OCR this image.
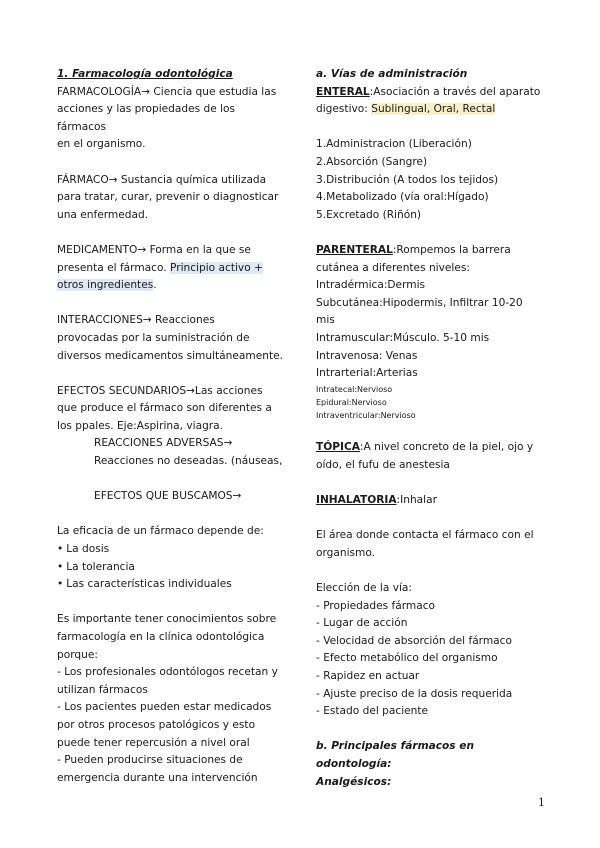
1. Farmacología odontológica

FARMACOLOGÍA→ Ciencia que estudia las

acciones y las propiedades de los fármacos

en el organismo.

FÁRMACO→ Sustancia química utilizada

para tratar, curar, prevenir o diagnosticar

una enfermedad.

MEDICAMENTO→ Forma en la que se

presenta el fármaco. Principio activo +

otros ingredientes.

INTERACCIONES→ Reacciones

provocadas por la suministración de

diversos medicamentos simultáneamente.

EFECTOS SECUNDARIOS→Las acciones

que produce el fármaco son diferentes a

los ppales. Eje:Aspirina, viagra.

REACCIONES ADVERSAS→

Reacciones no deseadas. (náuseas,

EFECTOS QUE BUSCAMOS→

La eficacia de un fármaco depende de:

• La dosis

• La tolerancia

• Las características individuales

Es importante tener conocimientos sobre

farmacología en la clínica odontológica

porque:

- Los profesionales odontólogos recetan y

utilizan fármacos

- Los pacientes pueden estar medicados

por otros procesos patológicos y esto

puede tener repercusión a nivel oral

- Pueden producirse situaciones de

emergencia durante una intervención

a. Vías de administración

ENTERAL:Asociación a través del aparato

digestivo: Sublingual, Oral, Rectal

1.Administracion (Liberación)

2.Absorción (Sangre)

3.Distribución (A todos los tejidos)

4.Metabolizado (vía oral:Hígado)

5.Excretado (Riñón)

PARENTERAL:Rompemos la barrera

cutánea a diferentes niveles:

Intradérmica:Dermis

Subcutánea:Hipodermis, Infiltrar 10-20

mis

Intramuscular:Músculo. 5-10 mis

Intravenosa: Venas

Intrarterial:Arterias

Intratecal:Nervioso

Epidural:Nervioso

Intraventricular:Nervioso

TÓPICA:A nivel concreto de la piel, ojo y

oído, el fufu de anestesia

INHALATORIA:Inhalar

El área donde contacta el fármaco con el

organismo.

Elección de la vía:

- Propiedades fármaco

- Lugar de acción

- Velocidad de absorción del fármaco

- Efecto metabólico del organismo

- Rapidez en actuar

- Ajuste preciso de la dosis requerida

- Estado del paciente

b. Principales fármacos en odontología:

Analgésicos:

1
